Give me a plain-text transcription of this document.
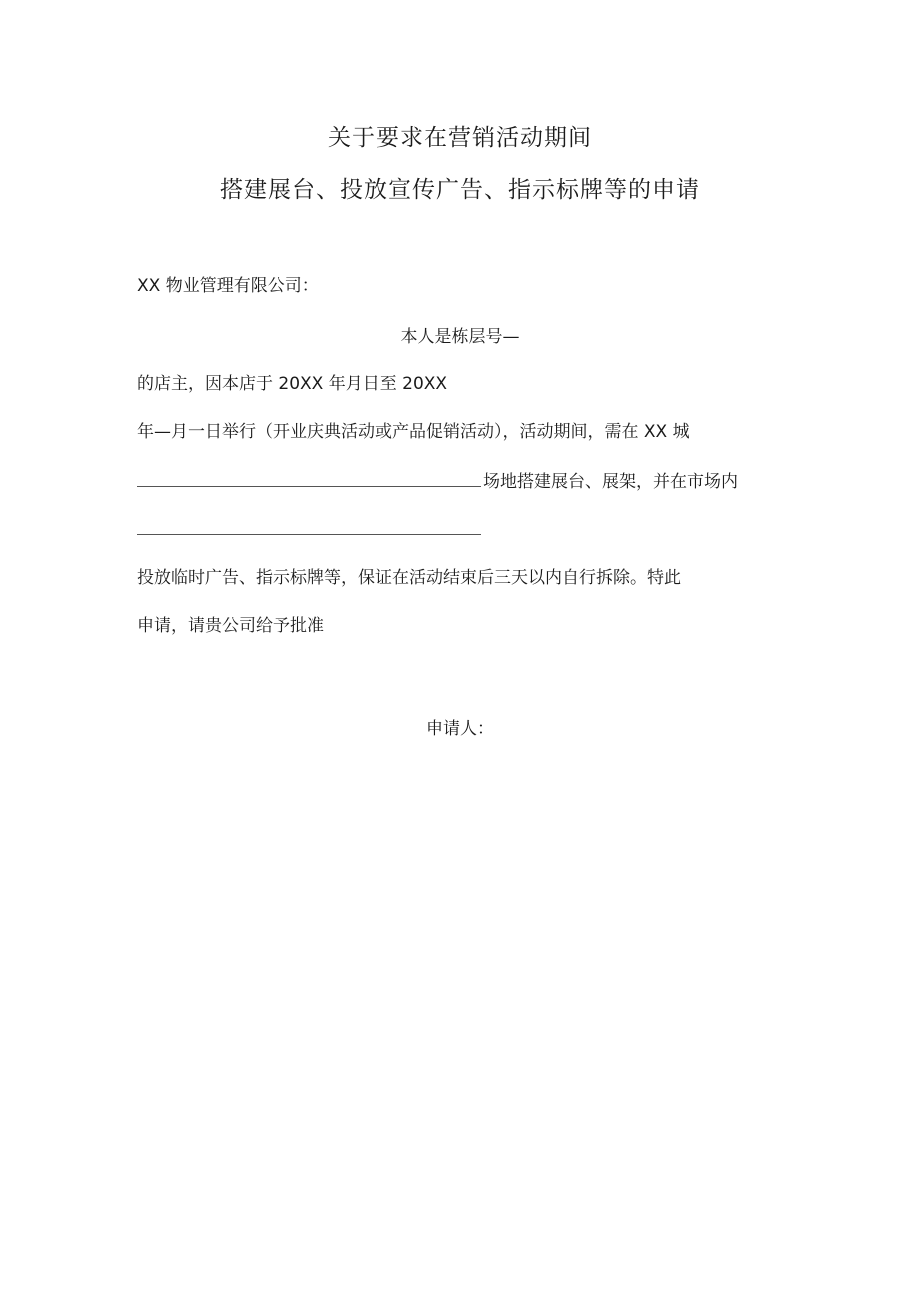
关于要求在营销活动期间
搭建展台、投放宣传广告、指示标牌等的申请

XX 物业管理有限公司：

本人是栋层号—

的店主，因本店于 20XX 年月日至 20XX

年—月一日举行（开业庆典活动或产品促销活动），活动期间，需在 XX 城

场地搭建展台、展架，并在市场内

投放临时广告、指示标牌等，保证在活动结束后三天以内自行拆除。特此

申请，请贵公司给予批准

申请人：
